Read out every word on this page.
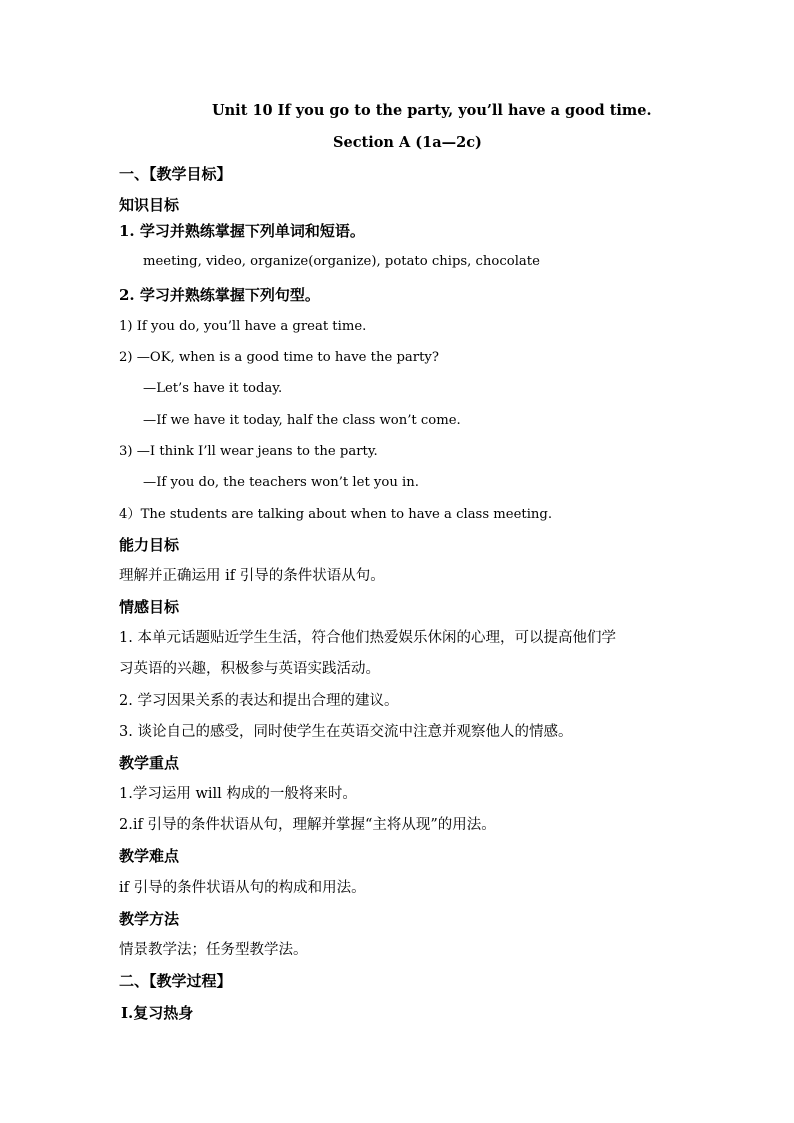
Unit 10 If you go to the party, you’ll have a good time.
Section A (1a—2c)
一、【教学目标】
知识目标
1. 学习并熟练掌握下列单词和短语。
meeting, video, organize(organize), potato chips, chocolate
2. 学习并熟练掌握下列句型。
1) If you do, you’ll have a great time.
2) —OK, when is a good time to have the party?
—Let’s have it today.
—If we have it today, half the class won’t come.
3) —I think I’ll wear jeans to the party.
—If you do, the teachers won’t let you in.
4）The students are talking about when to have a class meeting.
能力目标
理解并正确运用 if 引导的条件状语从句。
情感目标
1. 本单元话题贴近学生生活，符合他们热爱娱乐休闲的心理，可以提高他们学
习英语的兴趣，积极参与英语实践活动。
2. 学习因果关系的表达和提出合理的建议。
3. 谈论自己的感受，同时使学生在英语交流中注意并观察他人的情感。
教学重点
1.学习运用 will 构成的一般将来时。
2.if 引导的条件状语从句，理解并掌握“主将从现”的用法。
教学难点
if 引导的条件状语从句的构成和用法。
教学方法
情景教学法；任务型教学法。
二、【教学过程】
Ⅰ.复习热身
